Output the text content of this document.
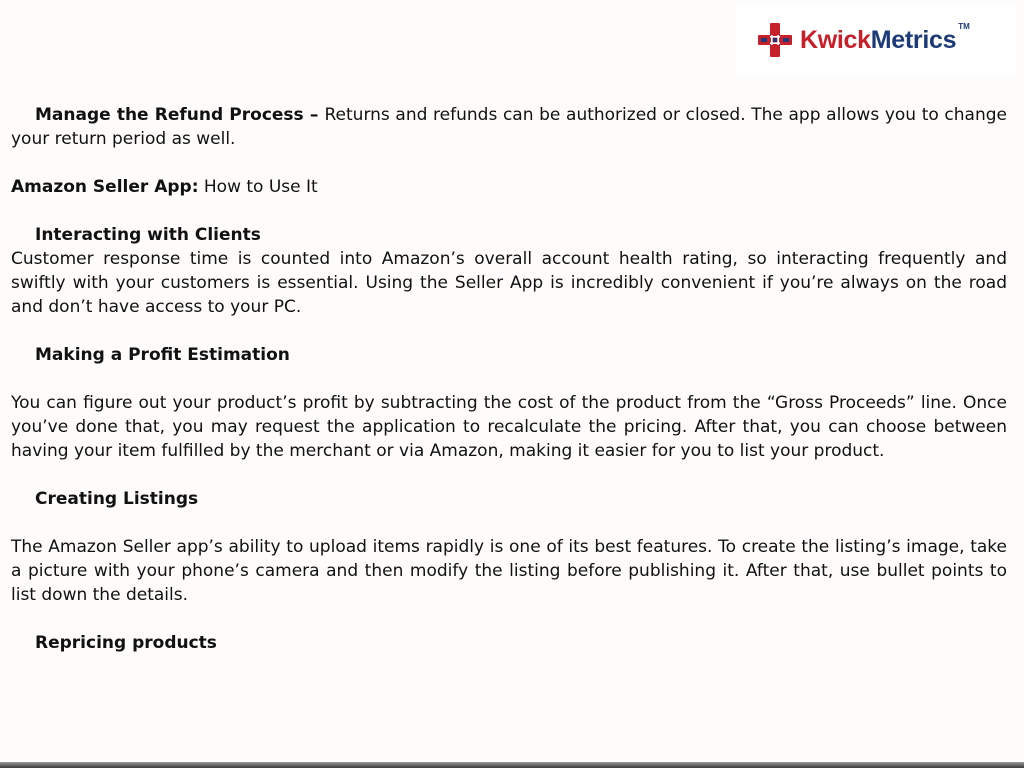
KwickMetrics TM

Manage the Refund Process – Returns and refunds can be authorized or closed. The app allows you to change your return period as well.

Amazon Seller App: How to Use It

Interacting with Clients

Customer response time is counted into Amazon’s overall account health rating, so interacting frequently and swiftly with your customers is essential. Using the Seller App is incredibly convenient if you’re always on the road and don’t have access to your PC.

Making a Profit Estimation

You can figure out your product’s profit by subtracting the cost of the product from the “Gross Proceeds” line. Once you’ve done that, you may request the application to recalculate the pricing. After that, you can choose between having your item fulfilled by the merchant or via Amazon, making it easier for you to list your product.

Creating Listings

The Amazon Seller app’s ability to upload items rapidly is one of its best features. To create the listing’s image, take a picture with your phone’s camera and then modify the listing before publishing it. After that, use bullet points to list down the details.

Repricing products
